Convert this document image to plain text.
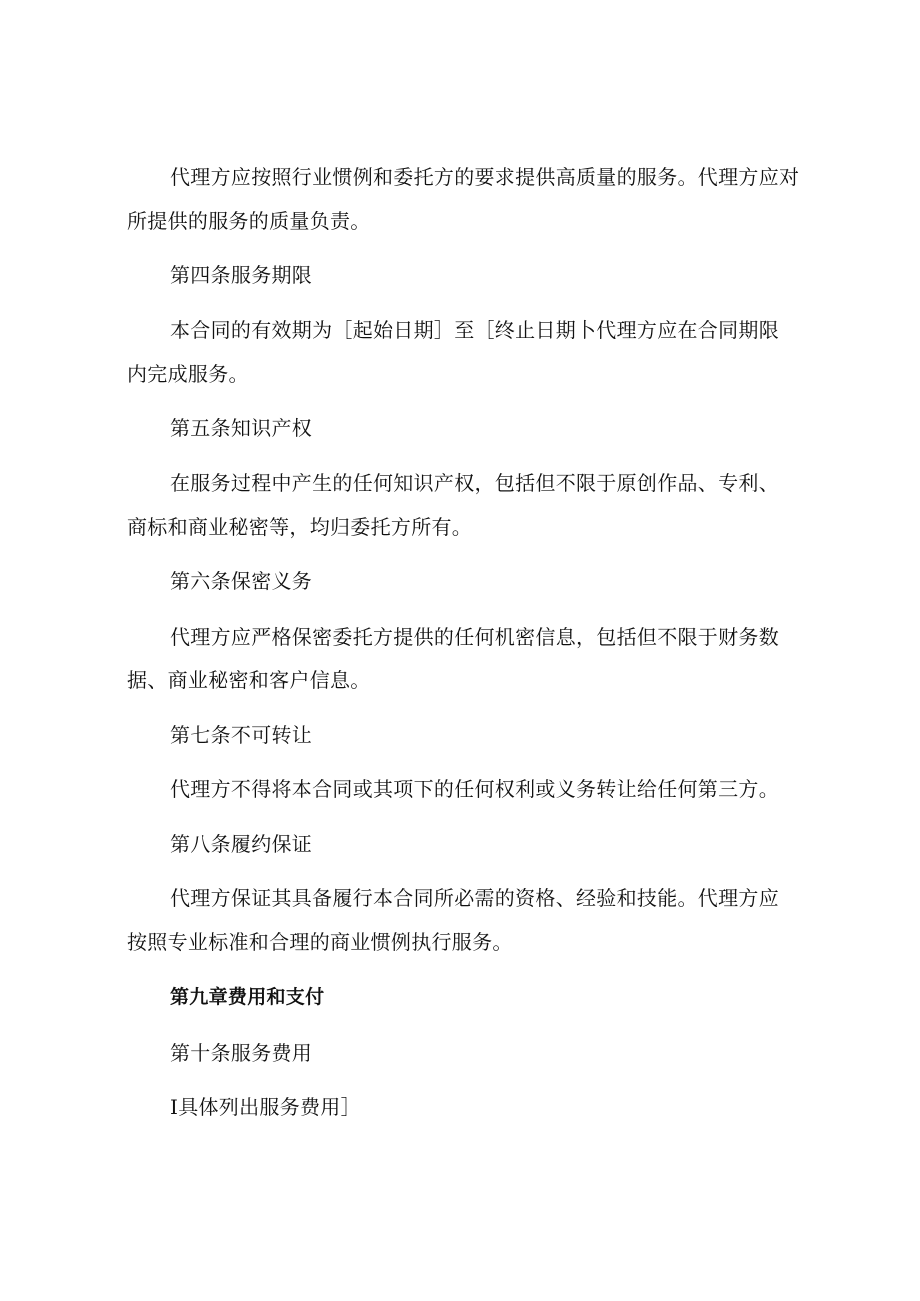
代理方应按照行业惯例和委托方的要求提供高质量的服务。代理方应对
所提供的服务的质量负责。
第四条服务期限
本合同的有效期为［起始日期］至［终止日期卜代理方应在合同期限
内完成服务。
第五条知识产权
在服务过程中产生的任何知识产权，包括但不限于原创作品、专利、
商标和商业秘密等，均归委托方所有。
第六条保密义务
代理方应严格保密委托方提供的任何机密信息，包括但不限于财务数
据、商业秘密和客户信息。
第七条不可转让
代理方不得将本合同或其项下的任何权利或义务转让给任何第三方。
第八条履约保证
代理方保证其具备履行本合同所必需的资格、经验和技能。代理方应
按照专业标准和合理的商业惯例执行服务。
第九章费用和支付
第十条服务费用
I具体列出服务费用］
